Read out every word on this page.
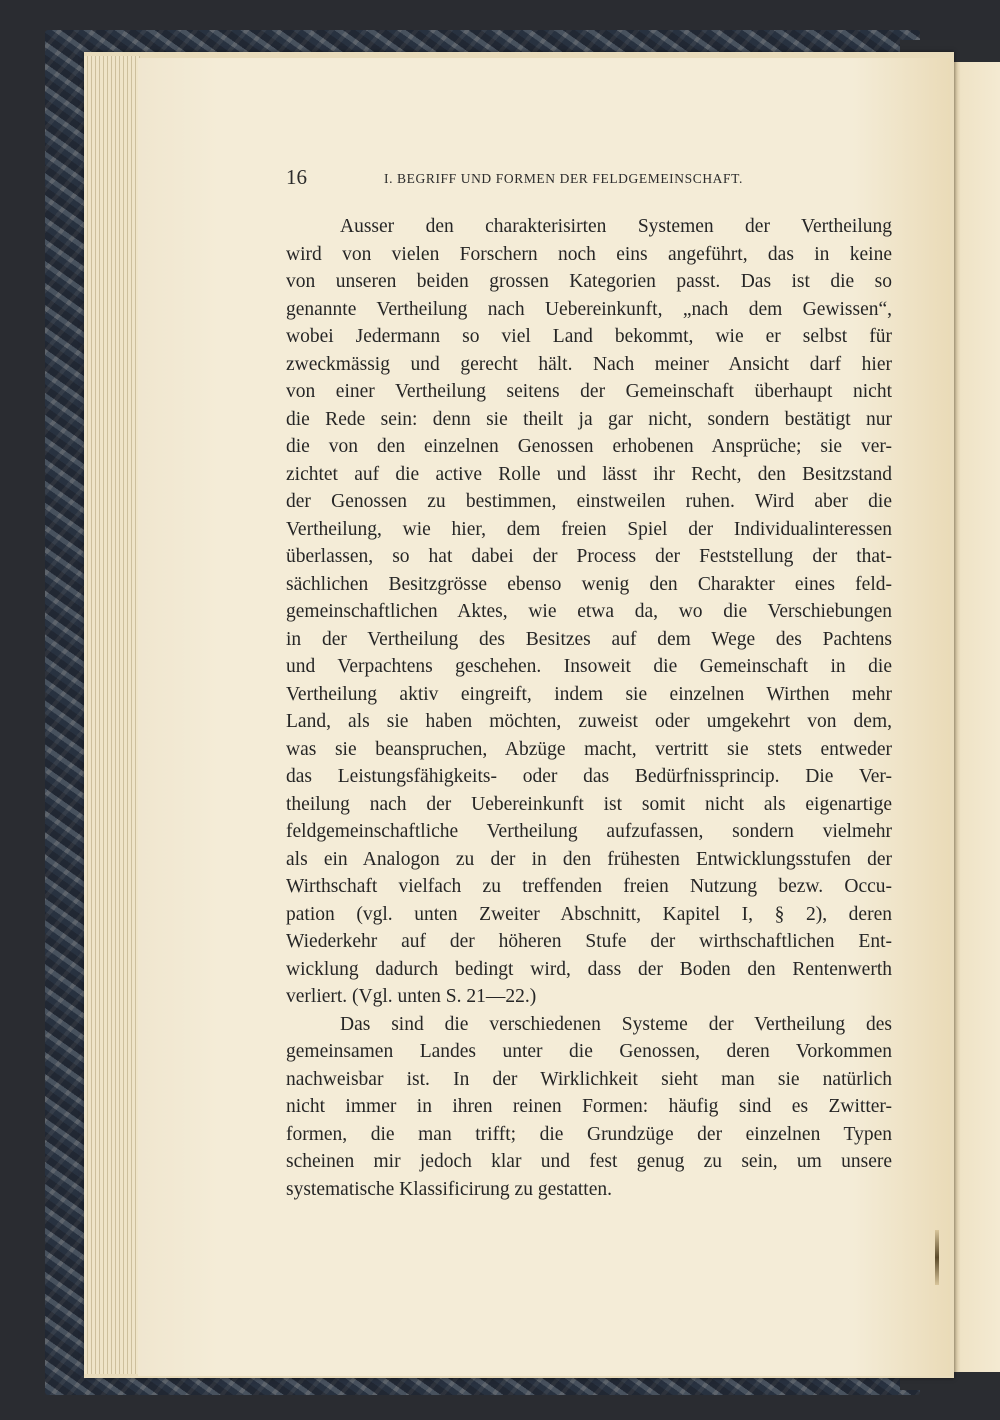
16	I. BEGRIFF UND FORMEN DER FELDGEMEINSCHAFT.
Ausser den charakterisirten Systemen der Vertheilung
wird von vielen Forschern noch eins angeführt, das in keine
von unseren beiden grossen Kategorien passt. Das ist die so
genannte Vertheilung nach Uebereinkunft, „nach dem Gewissen“,
wobei Jedermann so viel Land bekommt, wie er selbst für
zweckmässig und gerecht hält. Nach meiner Ansicht darf hier
von einer Vertheilung seitens der Gemeinschaft überhaupt nicht
die Rede sein: denn sie theilt ja gar nicht, sondern bestätigt nur
die von den einzelnen Genossen erhobenen Ansprüche; sie ver-
zichtet auf die active Rolle und lässt ihr Recht, den Besitzstand
der Genossen zu bestimmen, einstweilen ruhen. Wird aber die
Vertheilung, wie hier, dem freien Spiel der Individualinteressen
überlassen, so hat dabei der Process der Feststellung der that-
sächlichen Besitzgrösse ebenso wenig den Charakter eines feld-
gemeinschaftlichen Aktes, wie etwa da, wo die Verschiebungen
in der Vertheilung des Besitzes auf dem Wege des Pachtens
und Verpachtens geschehen. Insoweit die Gemeinschaft in die
Vertheilung aktiv eingreift, indem sie einzelnen Wirthen mehr
Land, als sie haben möchten, zuweist oder umgekehrt von dem,
was sie beanspruchen, Abzüge macht, vertritt sie stets entweder
das Leistungsfähigkeits- oder das Bedürfnissprincip. Die Ver-
theilung nach der Uebereinkunft ist somit nicht als eigenartige
feldgemeinschaftliche Vertheilung aufzufassen, sondern vielmehr
als ein Analogon zu der in den frühesten Entwicklungsstufen der
Wirthschaft vielfach zu treffenden freien Nutzung bezw. Occu-
pation (vgl. unten Zweiter Abschnitt, Kapitel I, § 2), deren
Wiederkehr auf der höheren Stufe der wirthschaftlichen Ent-
wicklung dadurch bedingt wird, dass der Boden den Rentenwerth
verliert. (Vgl. unten S. 21—22.)
Das sind die verschiedenen Systeme der Vertheilung des
gemeinsamen Landes unter die Genossen, deren Vorkommen
nachweisbar ist. In der Wirklichkeit sieht man sie natürlich
nicht immer in ihren reinen Formen: häufig sind es Zwitter-
formen, die man trifft; die Grundzüge der einzelnen Typen
scheinen mir jedoch klar und fest genug zu sein, um unsere
systematische Klassificirung zu gestatten.
